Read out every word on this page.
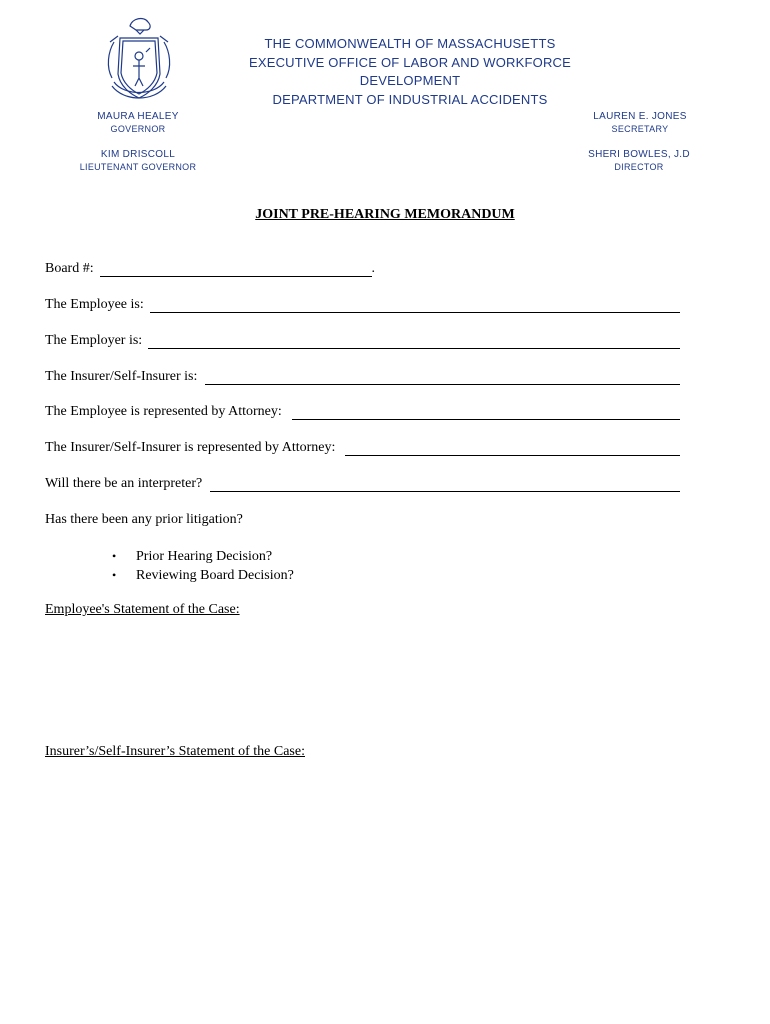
THE COMMONWEALTH OF MASSACHUSETTS
EXECUTIVE OFFICE OF LABOR AND WORKFORCE DEVELOPMENT
DEPARTMENT OF INDUSTRIAL ACCIDENTS
MAURA HEALEY
GOVERNOR
KIM DRISCOLL
LIEUTENANT GOVERNOR
LAUREN E. JONES
SECRETARY
SHERI BOWLES, J.D
DIRECTOR
JOINT PRE-HEARING MEMORANDUM
Board #:	.
The Employee is:
The Employer is:
The Insurer/Self-Insurer is:
The Employee is represented by Attorney:
The Insurer/Self-Insurer is represented by Attorney:
Will there be an interpreter?
Has there been any prior litigation?
•	Prior Hearing Decision?
•	Reviewing Board Decision?
Employee's Statement of the Case:
Insurer’s/Self-Insurer’s Statement of the Case:
